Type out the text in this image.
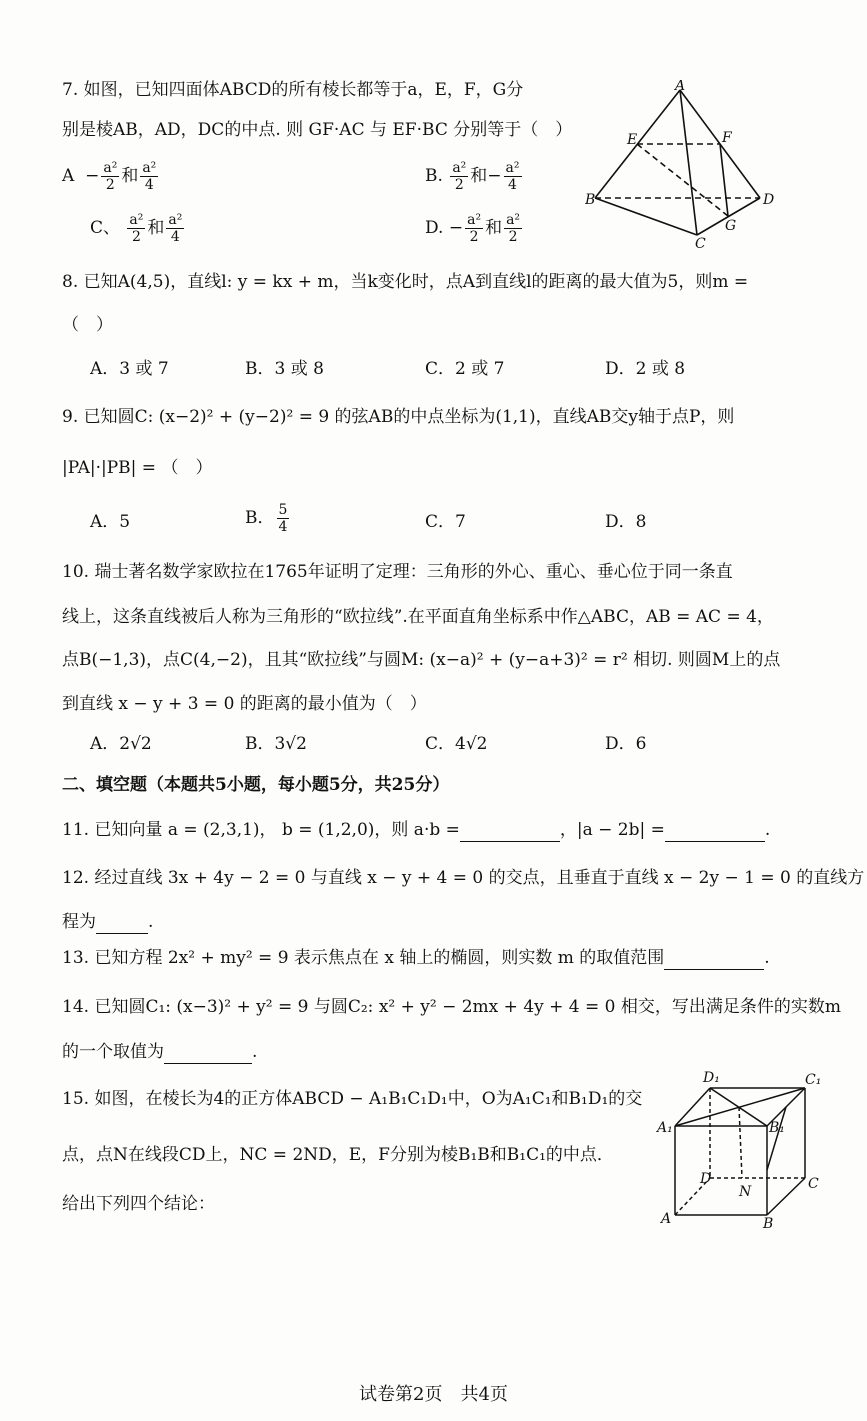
7. 如图，已知四面体ABCD的所有棱长都等于a，E，F，G分
别是棱AB，AD，DC的中点. 则 GF·AC 与 EF·BC 分别等于（　）
$A - \frac{\text{a²}}{2}$ 和 $\frac{\text{a²}}{4}$	B. $\frac{\text{a²}}{2}$ 和− $\frac{\text{a²}}{4}$
C、 $\frac{\text{a²}}{2}$ 和 $\frac{\text{a²}}{4}$	D. − $\frac{\text{a²}}{2}$ 和 $\frac{\text{a²}}{2}$
A
B
C
D
E	F
G
8. 已知A(4,5)，直线l: y = kx + m，当k变化时，点A到直线l的距离的最大值为5，则m =
（　）
A．3 或 7	B．3 或 8	C．2 或 7	D．2 或 8
9. 已知圆C: (x−2)² + (y−2)² = 9 的弦AB的中点坐标为(1,1)，直线AB交y轴于点P，则
|PA|·|PB| = （　）
A．5	B． $\frac{5}{4}$	C．7	D．8
10. 瑞士著名数学家欧拉在1765年证明了定理：三角形的外心、重心、垂心位于同一条直
线上，这条直线被后人称为三角形的“欧拉线”.在平面直角坐标系中作△ABC，AB = AC = 4，
点B(−1,3)，点C(4,−2)，且其“欧拉线”与圆M: (x−a)² + (y−a+3)² = r² 相切. 则圆M上的点
到直线 x − y + 3 = 0 的距离的最小值为（　）
A．2√2	B．3√2	C．4√2	D．6
二、填空题（本题共5小题，每小题5分，共25分）
11. 已知向量 a = (2,3,1)， b = (1,2,0)，则 a·b =	，|a − 2b| =	.
12. 经过直线 3x + 4y − 2 = 0 与直线 x − y + 4 = 0 的交点，且垂直于直线 x − 2y − 1 = 0 的直线方
程为	.
13. 已知方程 2x² + my² = 9 表示焦点在 x 轴上的椭圆，则实数 m 的取值范围	.
14. 已知圆C₁: (x−3)² + y² = 9 与圆C₂: x² + y² − 2mx + 4y + 4 = 0 相交，写出满足条件的实数m
的一个取值为	.
15. 如图，在棱长为4的正方体ABCD − A₁B₁C₁D₁中，O为A₁C₁和B₁D₁的交
点，点N在线段CD上，NC = 2ND，E，F分别为棱B₁B和B₁C₁的中点．
给出下列四个结论：
D₁	C₁
A₁	B₁
D	C
N
A	B
试卷第2页　共4页
